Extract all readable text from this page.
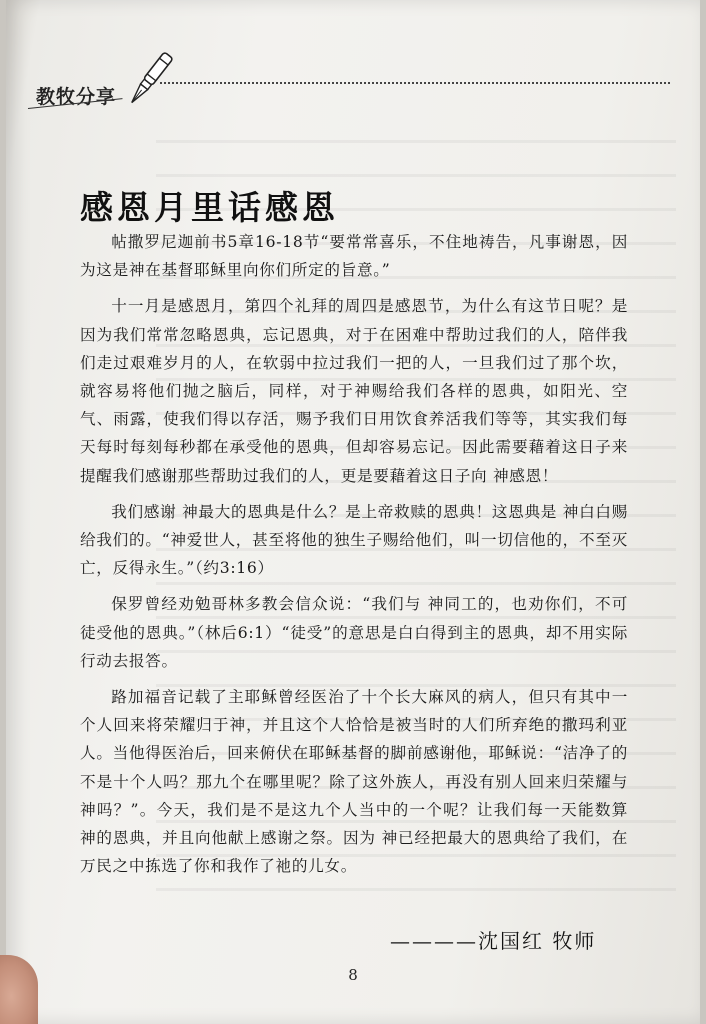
教牧分享
感恩月里话感恩

帖撒罗尼迦前书5章16-18节“要常常喜乐，不住地祷告，凡事谢恩，因为这是神在基督耶稣里向你们所定的旨意。”

十一月是感恩月，第四个礼拜的周四是感恩节，为什么有这节日呢？是因为我们常常忽略恩典，忘记恩典，对于在困难中帮助过我们的人，陪伴我们走过艰难岁月的人，在软弱中拉过我们一把的人，一旦我们过了那个坎，就容易将他们抛之脑后，同样，对于神赐给我们各样的恩典，如阳光、空气、雨露，使我们得以存活，赐予我们日用饮食养活我们等等，其实我们每天每时每刻每秒都在承受他的恩典，但却容易忘记。因此需要藉着这日子来提醒我们感谢那些帮助过我们的人，更是要藉着这日子向 神感恩！

我们感谢 神最大的恩典是什么？是上帝救赎的恩典！这恩典是 神白白赐给我们的。“神爱世人，甚至将他的独生子赐给他们，叫一切信他的，不至灭亡，反得永生。”（约3:16）

保罗曾经劝勉哥林多教会信众说：“我们与 神同工的，也劝你们，不可徒受他的恩典。”（林后6:1）“徒受”的意思是白白得到主的恩典，却不用实际行动去报答。

路加福音记载了主耶稣曾经医治了十个长大麻风的病人，但只有其中一个人回来将荣耀归于神，并且这个人恰恰是被当时的人们所弃绝的撒玛利亚人。当他得医治后，回来俯伏在耶稣基督的脚前感谢他，耶稣说：“洁净了的不是十个人吗？那九个在哪里呢？除了这外族人，再没有别人回来归荣耀与 神吗？”。今天，我们是不是这九个人当中的一个呢？让我们每一天能数算 神的恩典，并且向他献上感谢之祭。因为 神已经把最大的恩典给了我们，在万民之中拣选了你和我作了祂的儿女。

————沈国红 牧师
8
